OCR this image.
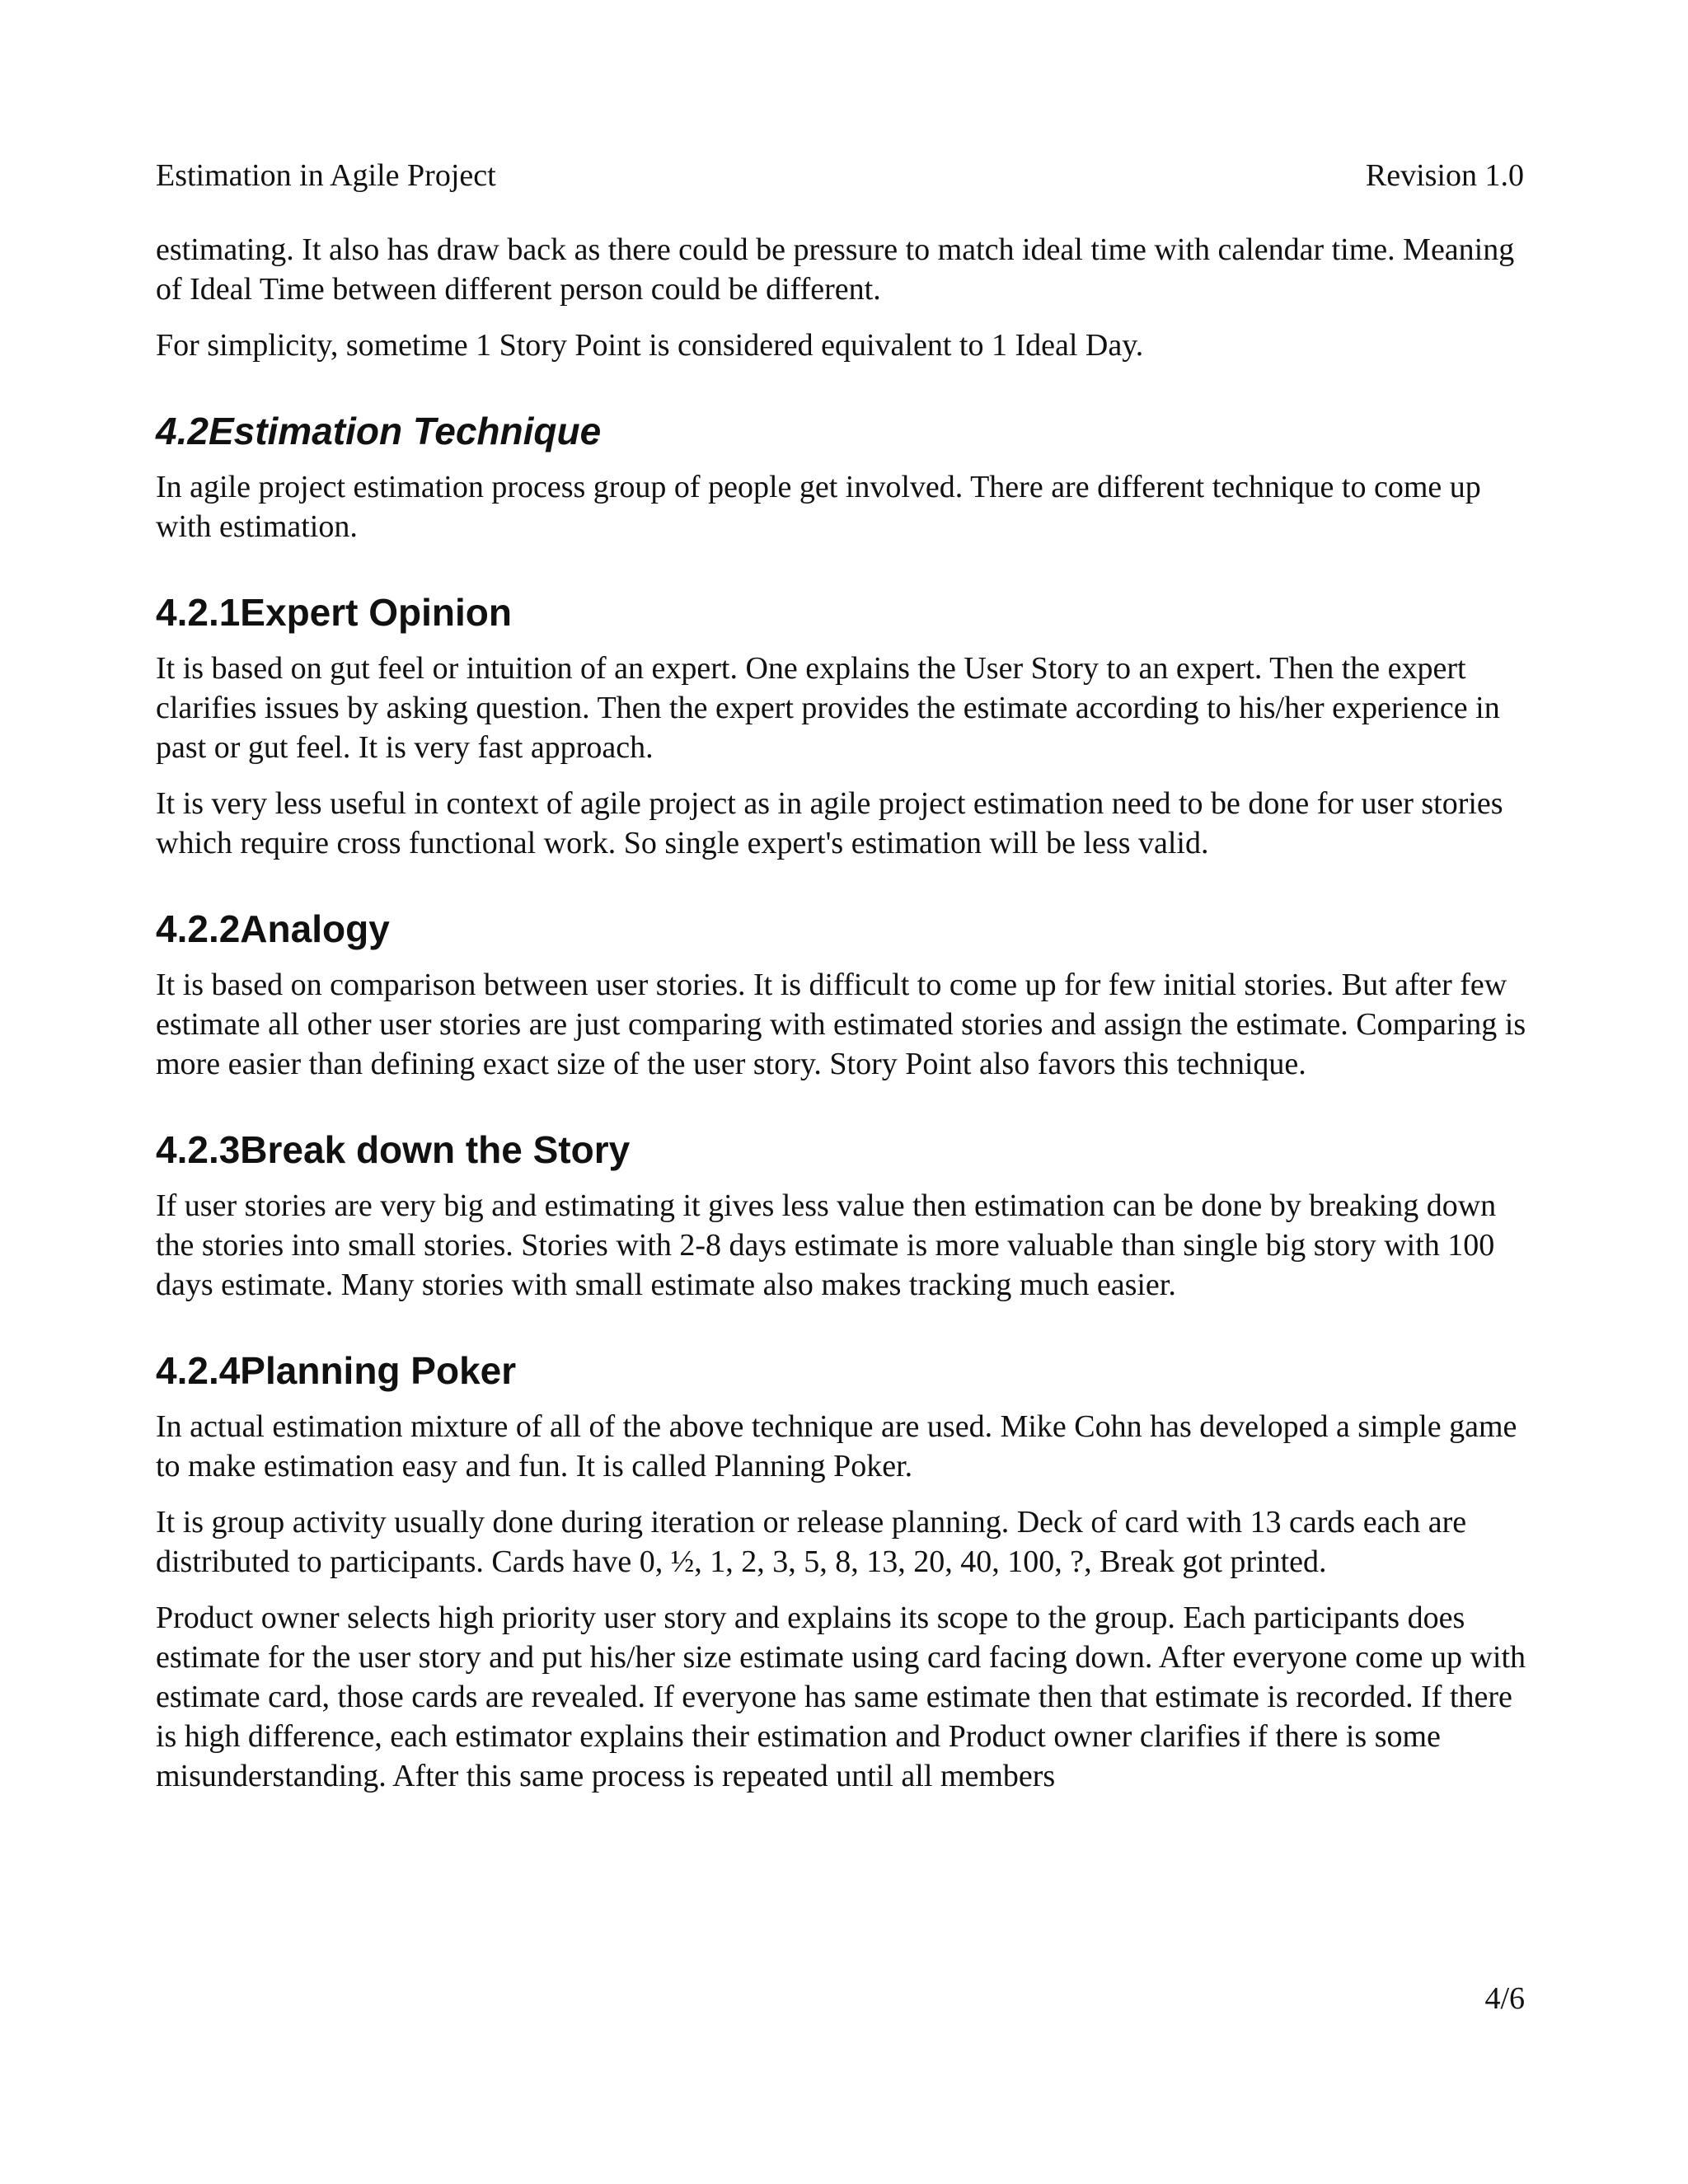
Estimation in Agile Project	Revision 1.0

estimating. It also has draw back as there could be pressure to match ideal time with calendar time. Meaning of Ideal Time between different person could be different.

For simplicity, sometime 1 Story Point is considered equivalent to 1 Ideal Day.

4.2Estimation Technique

In agile project estimation process group of people get involved. There are different technique to come up with estimation.

4.2.1Expert Opinion

It is based on gut feel or intuition of an expert. One explains the User Story to an expert. Then the expert clarifies issues by asking question. Then the expert provides the estimate according to his/her experience in past or gut feel. It is very fast approach.

It is very less useful in context of agile project as in agile project estimation need to be done for user stories which require cross functional work. So single expert's estimation will be less valid.

4.2.2Analogy

It is based on comparison between user stories. It is difficult to come up for few initial stories. But after few estimate all other user stories are just comparing with estimated stories and assign the estimate. Comparing is more easier than defining exact size of the user story. Story Point also favors this technique.

4.2.3Break down the Story

If user stories are very big and estimating it gives less value then estimation can be done by breaking down the stories into small stories. Stories with 2-8 days estimate is more valuable than single big story with 100 days estimate. Many stories with small estimate also makes tracking much easier.

4.2.4Planning Poker

In actual estimation mixture of all of the above technique are used. Mike Cohn has developed a simple game to make estimation easy and fun. It is called Planning Poker.

It is group activity usually done during iteration or release planning. Deck of card with 13 cards each are distributed to participants. Cards have 0, ½, 1, 2, 3, 5, 8, 13, 20, 40, 100, ?, Break got printed.

Product owner selects high priority user story and explains its scope to the group. Each participants does estimate for the user story and put his/her size estimate using card facing down. After everyone come up with estimate card, those cards are revealed. If everyone has same estimate then that estimate is recorded. If there is high difference, each estimator explains their estimation and Product owner clarifies if there is some misunderstanding. After this same process is repeated until all members

4/6
